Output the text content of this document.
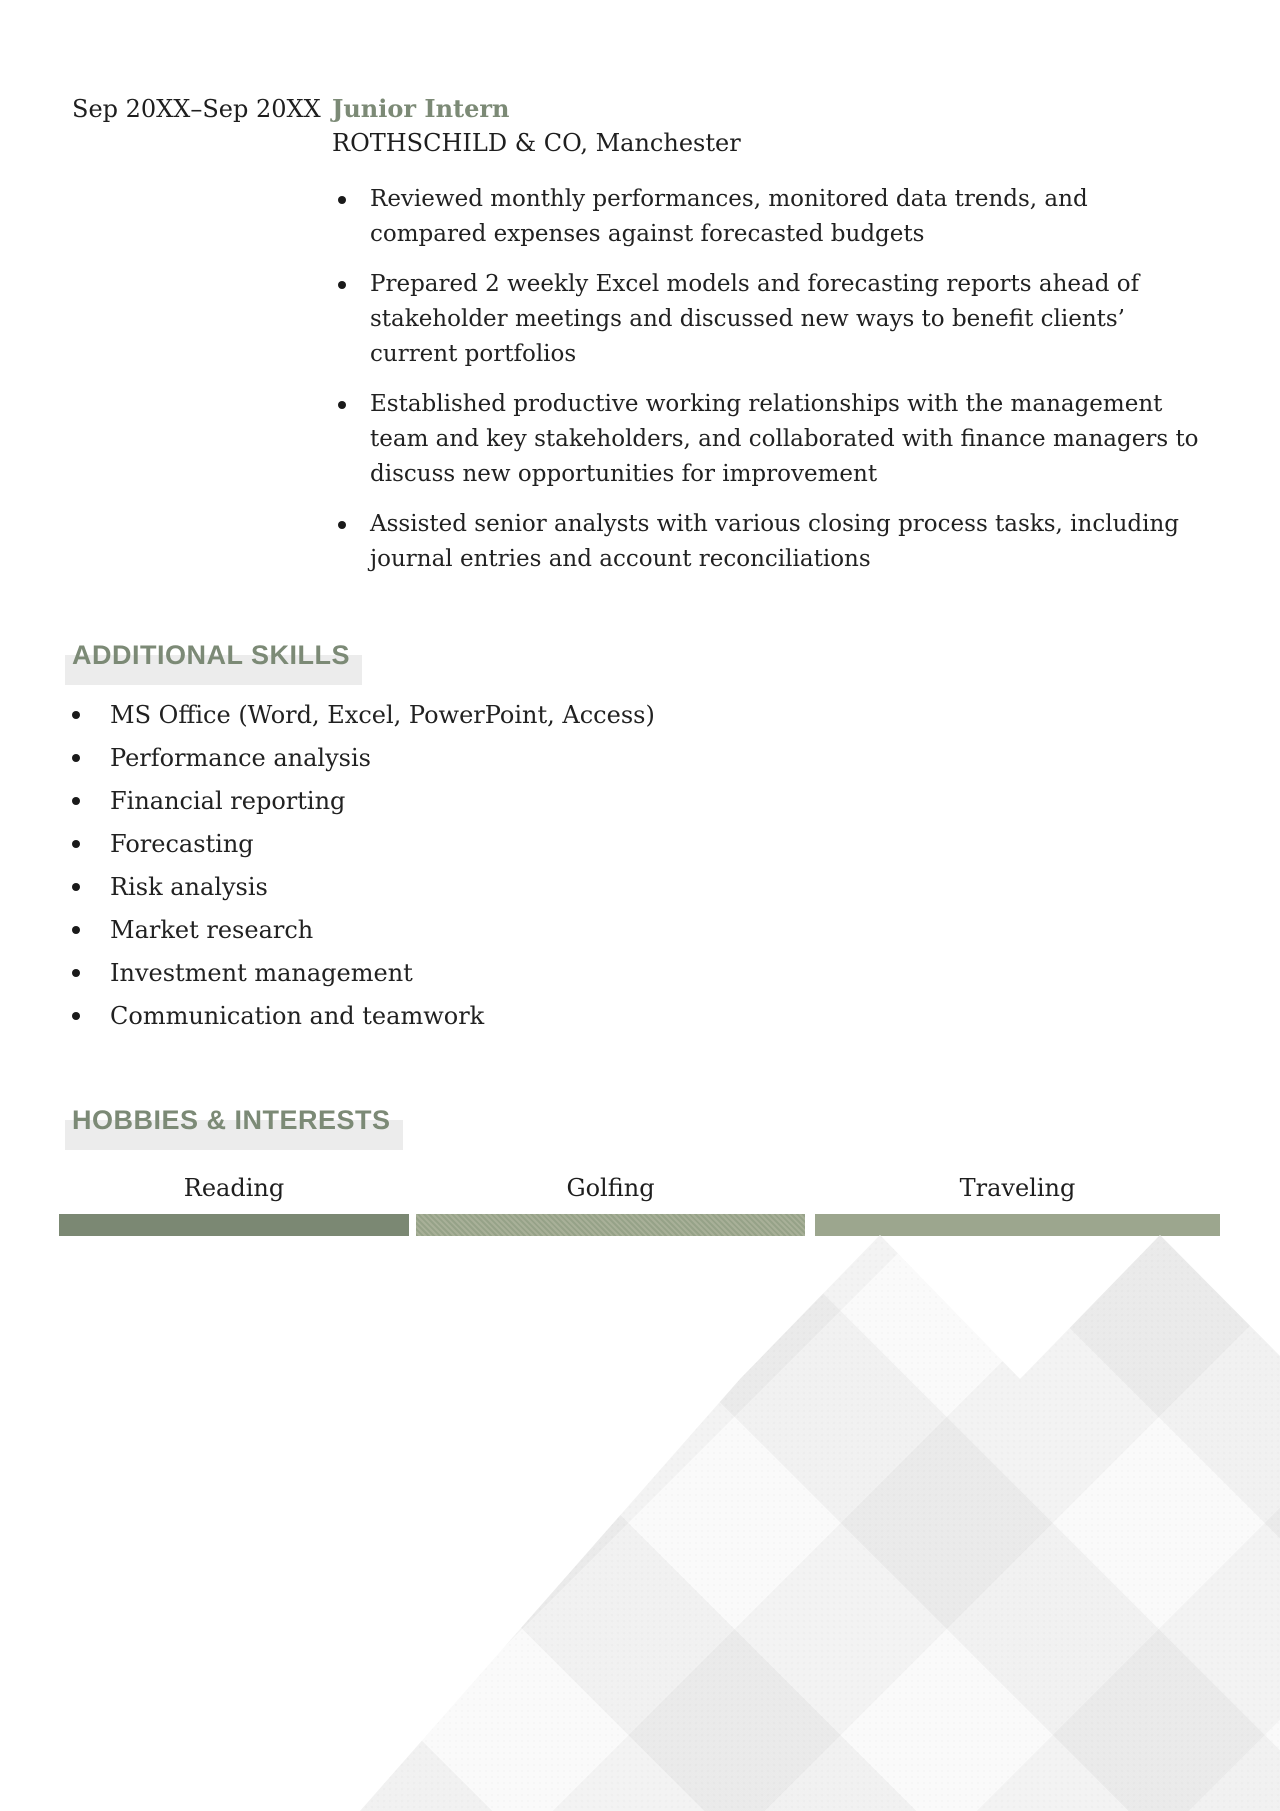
Sep 20XX–Sep 20XX Junior Intern
ROTHSCHILD & CO, Manchester
Reviewed monthly performances, monitored data trends, and compared expenses against forecasted budgets
Prepared 2 weekly Excel models and forecasting reports ahead of stakeholder meetings and discussed new ways to benefit clients’ current portfolios
Established productive working relationships with the management team and key stakeholders, and collaborated with finance managers to discuss new opportunities for improvement
Assisted senior analysts with various closing process tasks, including journal entries and account reconciliations
ADDITIONAL SKILLS
MS Office (Word, Excel, PowerPoint, Access)
Performance analysis
Financial reporting
Forecasting
Risk analysis
Market research
Investment management
Communication and teamwork
HOBBIES & INTERESTS
Reading	Golfing	Traveling
